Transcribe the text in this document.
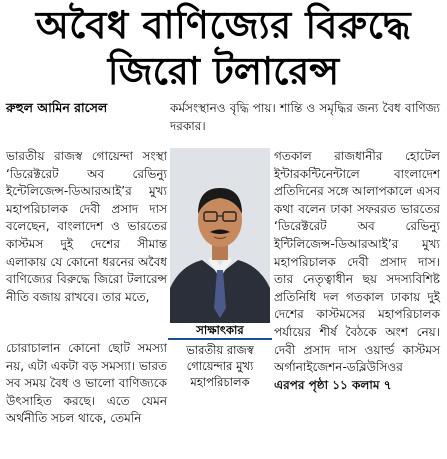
অবৈধ বাণিজ্যের বিরুদ্ধে
জিরো টলারেন্স
রুহুল আমিন রাসেল	কর্মসংস্থানও বৃদ্ধি পায়। শান্তি ও সমৃদ্ধির জন্য বৈধ বাণিজ্য দরকার।

ভারতীয় রাজস্ব গোয়েন্দা সংস্থা ‘ডিরেক্টরেট অব রেভিন্যু ইন্টেলিজেন্স-ডিআরআই’র মুখ্য মহাপরিচালক দেবী প্রসাদ দাস বলেছেন, বাংলাদেশ ও ভারতের কাস্টমস দুই দেশের সীমান্ত এলাকায় যে কোনো ধরনের অবৈধ বাণিজ্যের বিরুদ্ধে জিরো টলারেন্স নীতি বজায় রাখবে। তার মতে,

সাক্ষাৎকার
ভারতীয় রাজস্ব গোয়েন্দার মুখ্য মহাপরিচালক

গতকাল রাজধানীর হোটেল ইন্টারকন্টিনেন্টালে বাংলাদেশ প্রতিদিনের সঙ্গে আলাপকালে এসব কথা বলেন ঢাকা সফররত ভারতের ‘ডিরেক্টরেট অব রেভিন্যু ইন্টিলিজেন্স-ডিআরআই’র মুখ্য মহাপরিচালক দেবী প্রসাদ দাস। তার নেতৃত্বাধীন ছয় সদস্যবিশিষ্ট প্রতিনিধি দল গতকাল ঢাকায় দুই দেশের কাস্টমসের মহাপরিচালক পর্যায়ের শীর্ষ বৈঠকে অংশ নেয়। দেবী প্রসাদ দাস ওয়ার্ল্ড কাস্টমস অর্গানাইজেশন-ডব্লিউসিওর

এরপর পৃষ্ঠা ১১ কলাম ৭

চোরাচালান কোনো ছোট সমস্যা নয়, এটা একটা বড় সমস্যা। ভারত সব সময় বৈধ ও ভালো বাণিজ্যকে উৎসাহিত করছে। এতে যেমন অর্থনীতি সচল থাকে, তেমনি
